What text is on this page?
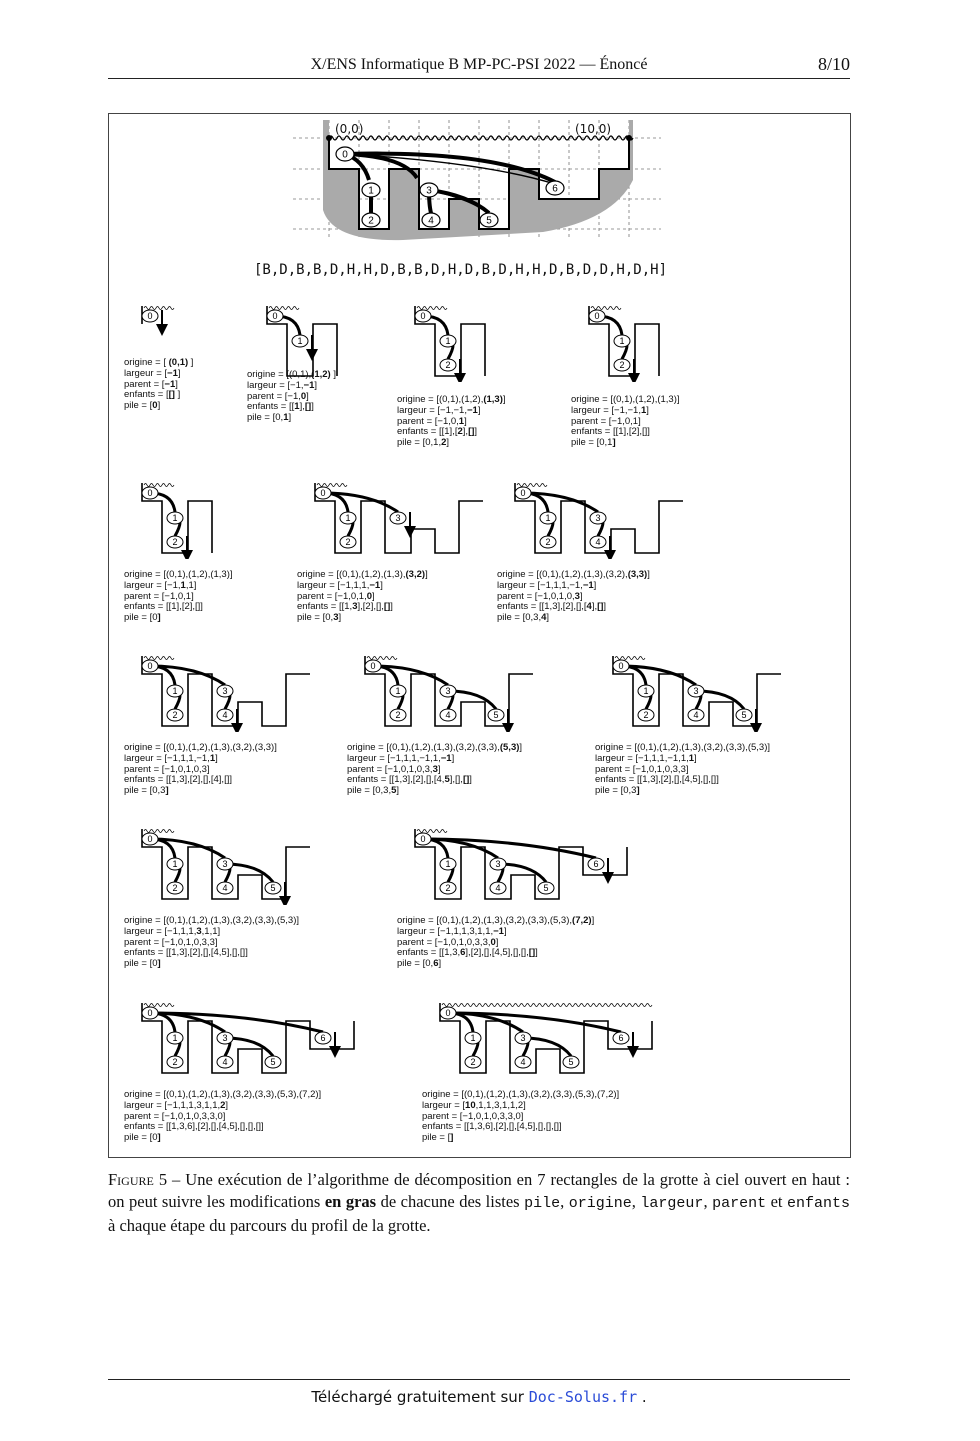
X/ENS Informatique B MP-PC-PSI 2022 — Énoncé	8/10
0
1
2
3
4	5
6
[B,D,B,B,D,H,H,D,B,B,D,H,D,B,D,H,H,D,B,D,D,H,D,H]
(0,0)	(10,0)
0
origine = [ (0,1) ]
largeur = [−1]
parent = [−1]
enfants = [[] ]
pile = [0]
0
1
origine = [(0,1),(1,2) ]
largeur = [−1,−1]
parent = [−1,0]
enfants = [[1],[]]
pile = [0,1]
0
1
2
origine = [(0,1),(1,2),(1,3)]
largeur = [−1,−1,−1]
parent = [−1,0,1]
enfants = [[1],[2],[]]
pile = [0,1,2]
0
1
2
origine = [(0,1),(1,2),(1,3)]
largeur = [−1,−1,1]
parent = [−1,0,1]
enfants = [[1],[2],[]]
pile = [0,1]
0
1
2
origine = [(0,1),(1,2),(1,3)]
largeur = [−1,1,1]
parent = [−1,0,1]
enfants = [[1],[2],[]]
pile = [0]
0
1
2
3
origine = [(0,1),(1,2),(1,3),(3,2)]
largeur = [−1,1,1,−1]
parent = [−1,0,1,0]
enfants = [[1,3],[2],[],[]]
pile = [0,3]
0
1
2
3
4
origine = [(0,1),(1,2),(1,3),(3,2),(3,3)]
largeur = [−1,1,1,−1,−1]
parent = [−1,0,1,0,3]
enfants = [[1,3],[2],[],[4],[]]
pile = [0,3,4]
0
1
2
3
4
origine = [(0,1),(1,2),(1,3),(3,2),(3,3)]
largeur = [−1,1,1,−1,1]
parent = [−1,0,1,0,3]
enfants = [[1,3],[2],[],[4],[]]
pile = [0,3]
0
1
2
3
4	5
origine = [(0,1),(1,2),(1,3),(3,2),(3,3),(5,3)]
largeur = [−1,1,1,−1,1,−1]
parent = [−1,0,1,0,3,3]
enfants = [[1,3],[2],[],[4,5],[],[]]
pile = [0,3,5]
0
1
2
3
4	5
origine = [(0,1),(1,2),(1,3),(3,2),(3,3),(5,3)]
largeur = [−1,1,1,−1,1,1]
parent = [−1,0,1,0,3,3]
enfants = [[1,3],[2],[],[4,5],[],[]]
pile = [0,3]
0
1
2
3
4	5
origine = [(0,1),(1,2),(1,3),(3,2),(3,3),(5,3)]
largeur = [−1,1,1,3,1,1]
parent = [−1,0,1,0,3,3]
enfants = [[1,3],[2],[],[4,5],[],[]]
pile = [0]
0
1
2
3
4	5
6
origine = [(0,1),(1,2),(1,3),(3,2),(3,3),(5,3),(7,2)]
largeur = [−1,1,1,3,1,1,−1]
parent = [−1,0,1,0,3,3,0]
enfants = [[1,3,6],[2],[],[4,5],[],[],[]]
pile = [0,6]
0
1
2
3
4	5
6
origine = [(0,1),(1,2),(1,3),(3,2),(3,3),(5,3),(7,2)]
largeur = [−1,1,1,3,1,1,2]
parent = [−1,0,1,0,3,3,0]
enfants = [[1,3,6],[2],[],[4,5],[],[],[]]
pile = [0]
0
1
2
3
4	5
6
origine = [(0,1),(1,2),(1,3),(3,2),(3,3),(5,3),(7,2)]
largeur = [10,1,1,3,1,1,2]
parent = [−1,0,1,0,3,3,0]
enfants = [[1,3,6],[2],[],[4,5],[],[],[]]
pile = []
Figure 5 – Une exécution de l’algorithme de décomposition en 7 rectangles de la grotte à ciel ouvert en haut : on peut suivre les modifications en gras de chacune des listes pile, origine, largeur, parent et enfants à chaque étape du parcours du profil de la grotte.
Téléchargé gratuitement sur Doc-Solus.fr .
